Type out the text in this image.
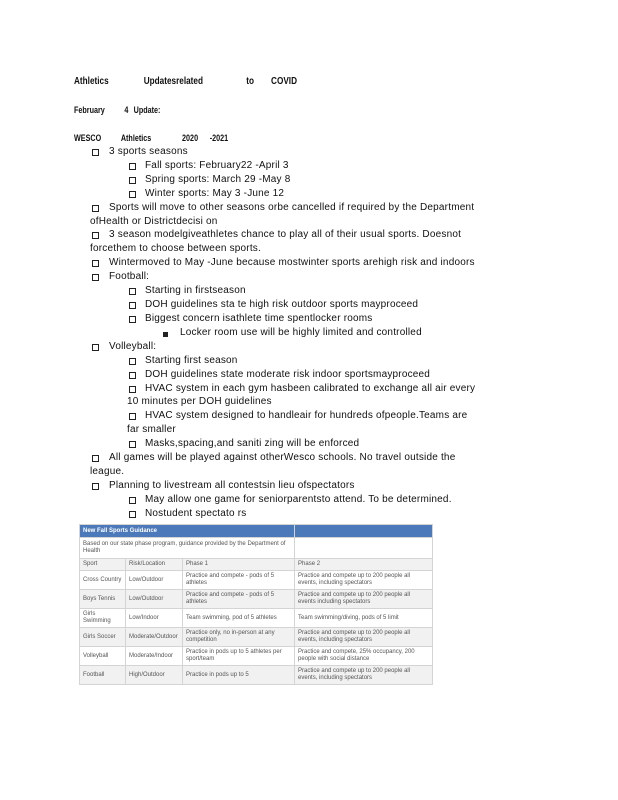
Athletics	Updatesrelated	to COVID
February 4 Update:
WESCO Athletics	2020 -2021
3 sports seasons
Fall sports: February22 -April 3
Spring sports: March 29 -May 8
Winter sports: May 3 -June 12
Sports will move to other seasons orbe cancelled if required by the Department
ofHealth or Districtdecisi on
3 season modelgiveathletes chance to play all of their usual sports. Doesnot
forcethem to choose between sports.
Wintermoved to May -June because mostwinter sports arehigh risk and indoors
Football:
Starting in firstseason
DOH guidelines sta te high risk outdoor sports mayproceed
Biggest concern isathlete time spentlocker rooms
Locker room use will be highly limited and controlled
Volleyball:
Starting first season
DOH guidelines state moderate risk indoor sportsmayproceed
HVAC system in each gym hasbeen calibrated to exchange all air every
10 minutes per DOH guidelines
HVAC system designed to handleair for hundreds ofpeople.Teams are
far smaller
Masks,spacing,and saniti zing will be enforced
All games will be played against otherWesco schools. No travel outside the
league.
Planning to livestream all contestsin lieu ofspectators
May allow one game for seniorparentsto attend. To be determined.
Nostudent spectato rs
New Fall Sports Guidance			
Based on our state phase program, guidance provided by the Department of Health			
Sport	Risk/Location	Phase 1	Phase 2
Cross Country	Low/Outdoor	Practice and compete - pods of 5 athletes	Practice and compete up to 200 people all events, including spectators
Boys Tennis	Low/Outdoor	Practice and compete - pods of 5 athletes	Practice and compete up to 200 people all events including spectators
Girls Swimming	Low/Indoor	Team swimming, pod of 5 athletes	Team swimming/diving, pods of 5 limit
Girls Soccer	Moderate/Outdoor	Practice only, no in-person at any competition	Practice and compete up to 200 people all events, including spectators
Volleyball	Moderate/Indoor	Practice in pods up to 5 athletes per sport/team	Practice and compete, 25% occupancy, 200 people with social distance
Football	High/Outdoor	Practice in pods up to 5	Practice and compete up to 200 people all events, including spectators
